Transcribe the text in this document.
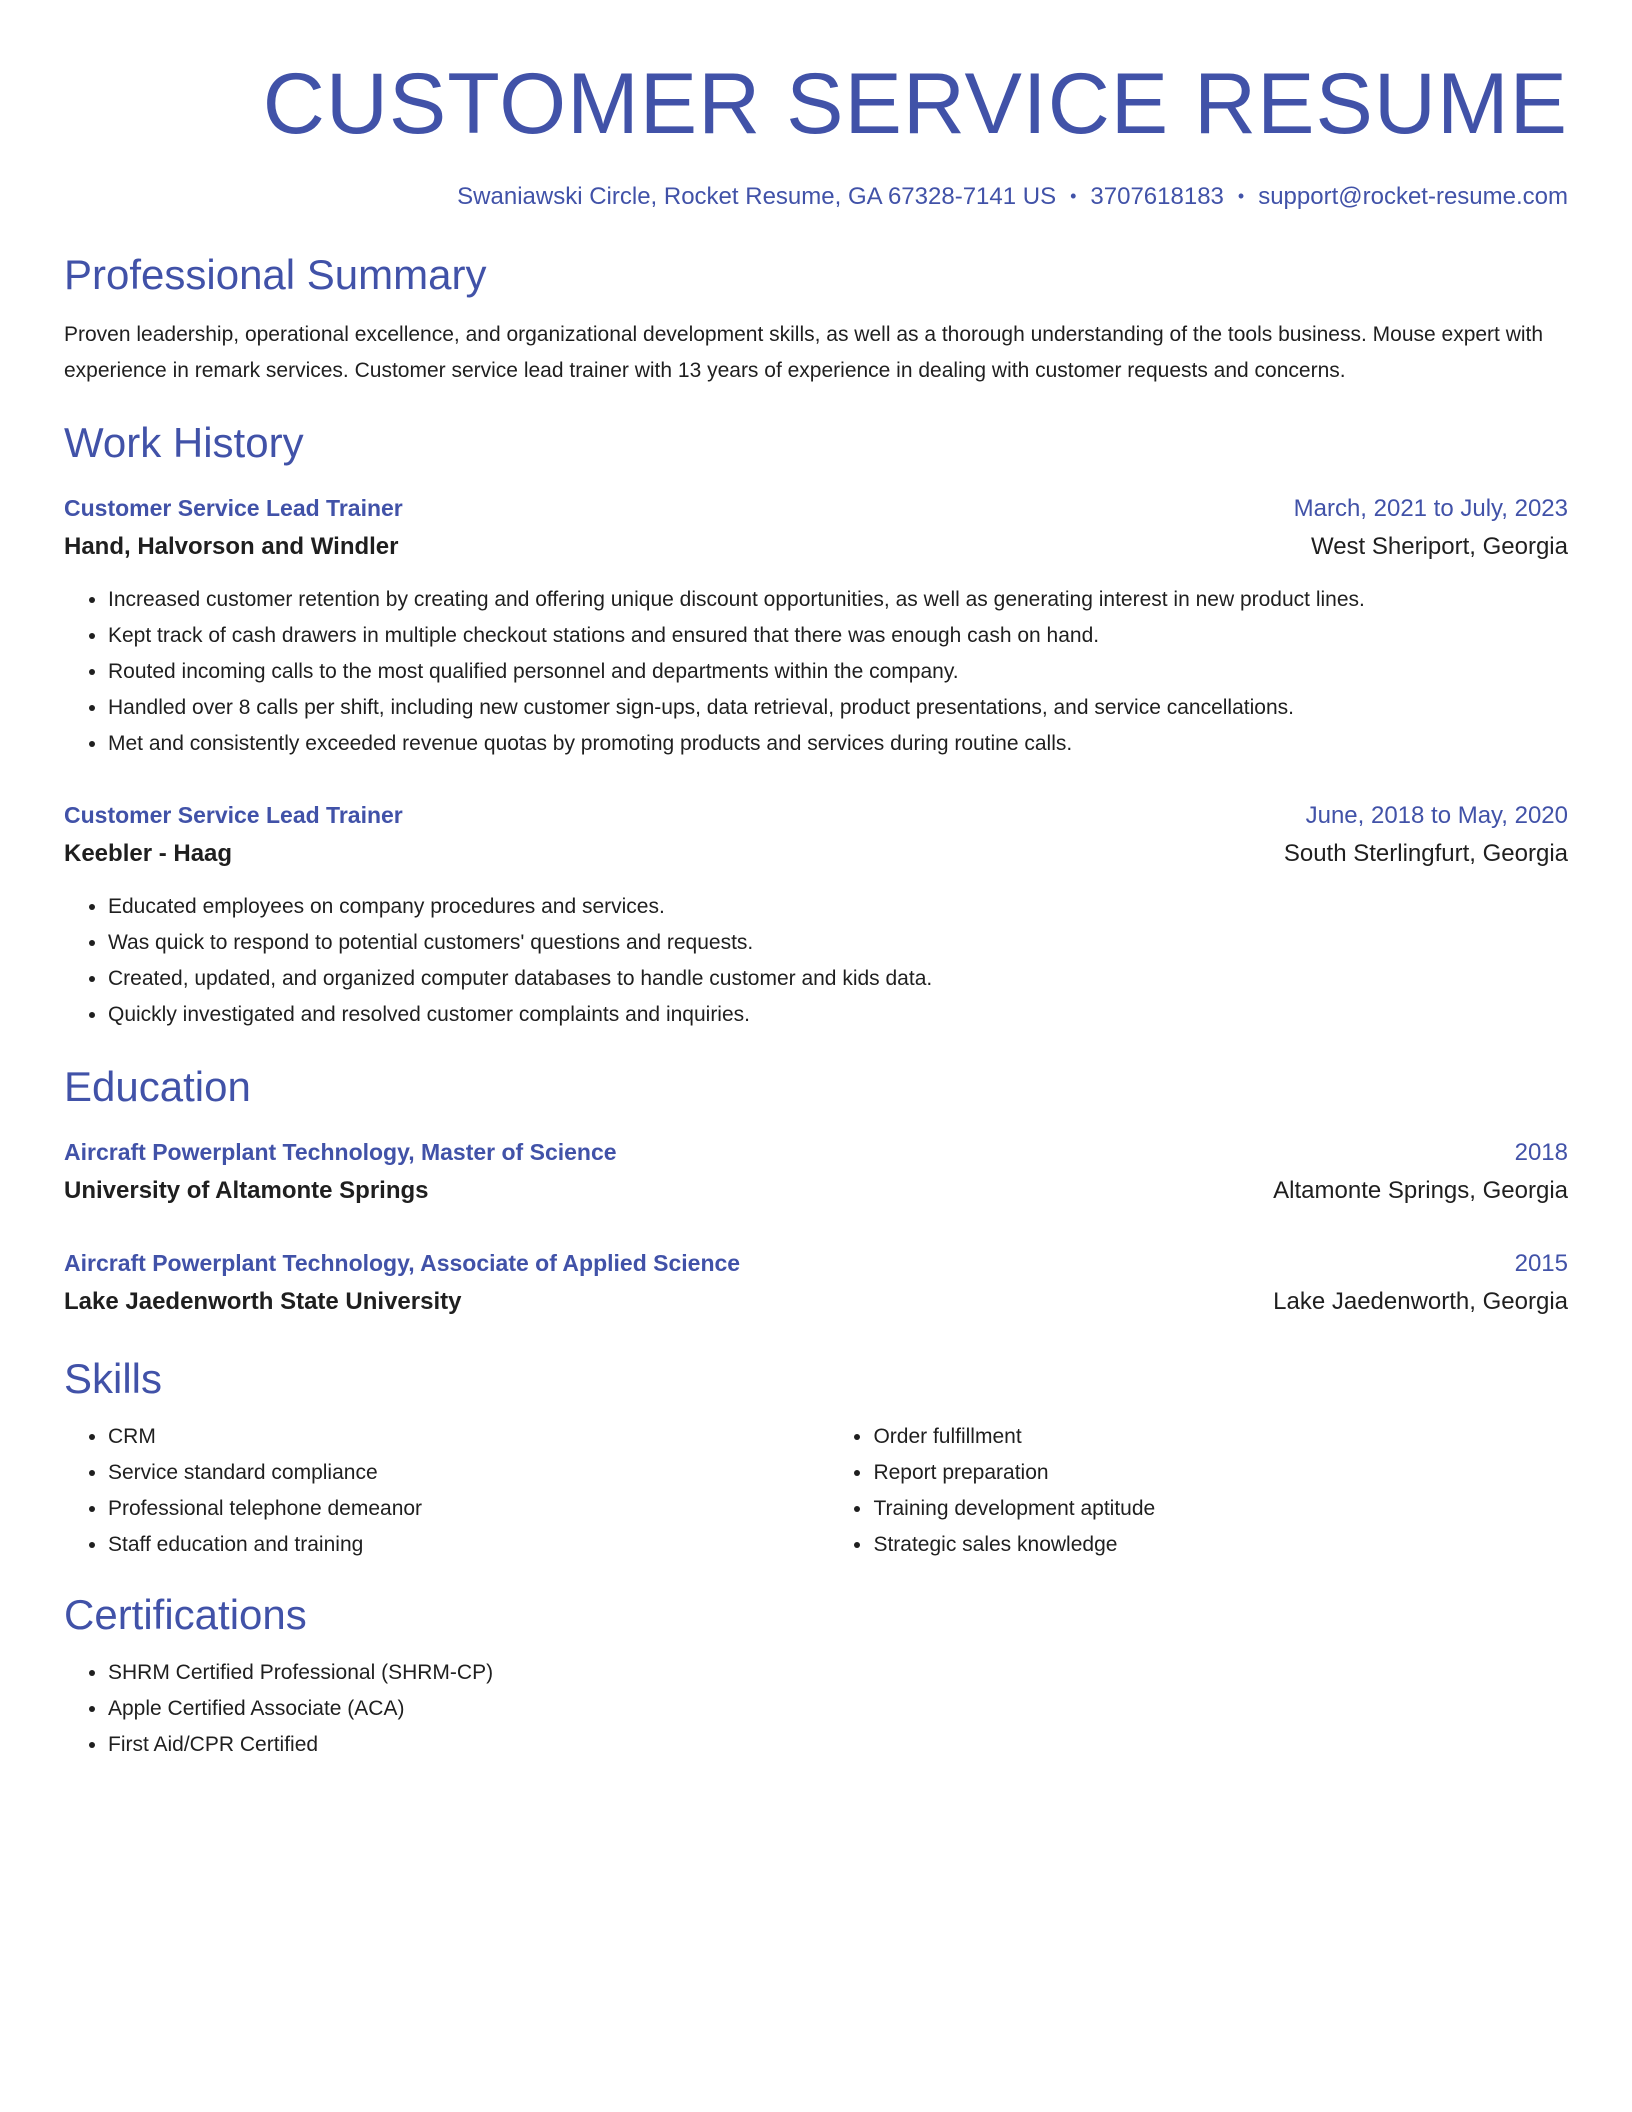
CUSTOMER SERVICE RESUME
Swaniawski Circle, Rocket Resume, GA 67328-7141 US • 3707618183 • support@rocket-resume.com
Professional Summary
Proven leadership, operational excellence, and organizational development skills, as well as a thorough understanding of the tools business. Mouse expert with experience in remark services. Customer service lead trainer with 13 years of experience in dealing with customer requests and concerns.
Work History
Customer Service Lead Trainer	March, 2021 to July, 2023
Hand, Halvorson and Windler	West Sheriport, Georgia
• Increased customer retention by creating and offering unique discount opportunities, as well as generating interest in new product lines.
• Kept track of cash drawers in multiple checkout stations and ensured that there was enough cash on hand.
• Routed incoming calls to the most qualified personnel and departments within the company.
• Handled over 8 calls per shift, including new customer sign-ups, data retrieval, product presentations, and service cancellations.
• Met and consistently exceeded revenue quotas by promoting products and services during routine calls.
Customer Service Lead Trainer	June, 2018 to May, 2020
Keebler - Haag	South Sterlingfurt, Georgia
• Educated employees on company procedures and services.
• Was quick to respond to potential customers' questions and requests.
• Created, updated, and organized computer databases to handle customer and kids data.
• Quickly investigated and resolved customer complaints and inquiries.
Education
Aircraft Powerplant Technology, Master of Science	2018
University of Altamonte Springs	Altamonte Springs, Georgia
Aircraft Powerplant Technology, Associate of Applied Science	2015
Lake Jaedenworth State University	Lake Jaedenworth, Georgia
Skills
• CRM
• Service standard compliance
• Professional telephone demeanor
• Staff education and training
• Order fulfillment
• Report preparation
• Training development aptitude
• Strategic sales knowledge
Certifications
• SHRM Certified Professional (SHRM-CP)
• Apple Certified Associate (ACA)
• First Aid/CPR Certified
